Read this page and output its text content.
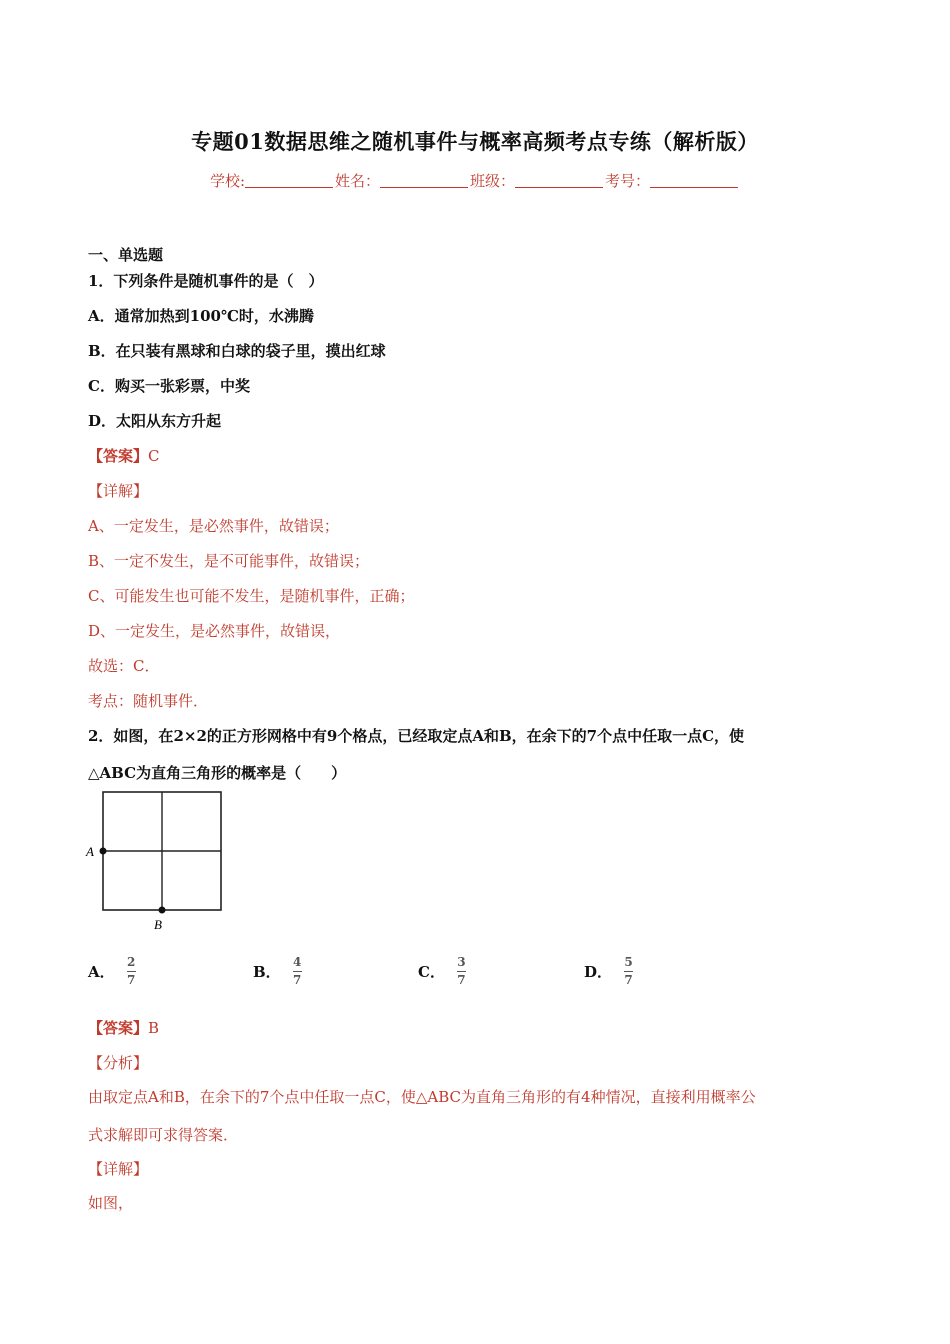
专题01数据思维之随机事件与概率高频考点专练（解析版）
学校:	姓名：	班级：	考号：
一、单选题
1．下列条件是随机事件的是（　）
A．通常加热到100℃时，水沸腾
B．在只装有黑球和白球的袋子里，摸出红球
C．购买一张彩票，中奖
D．太阳从东方升起
【答案】C
【详解】
A、一定发生，是必然事件，故错误；
B、一定不发生，是不可能事件，故错误；
C、可能发生也可能不发生，是随机事件，正确；
D、一定发生，是必然事件，故错误，
故选：C．
考点：随机事件．
2．如图，在2×2的正方形网格中有9个格点，已经取定点A和B，在余下的7个点中任取一点C，使
△ABC为直角三角形的概率是（　　）
A
B
A． $\frac{2}{7}$	B． $\frac{4}{7}$	C． $\frac{3}{7}$	D． $\frac{5}{7}$
【答案】B
【分析】
由取定点A和B，在余下的7个点中任取一点C，使△ABC为直角三角形的有4种情况，直接利用概率公
式求解即可求得答案．
【详解】
如图，
